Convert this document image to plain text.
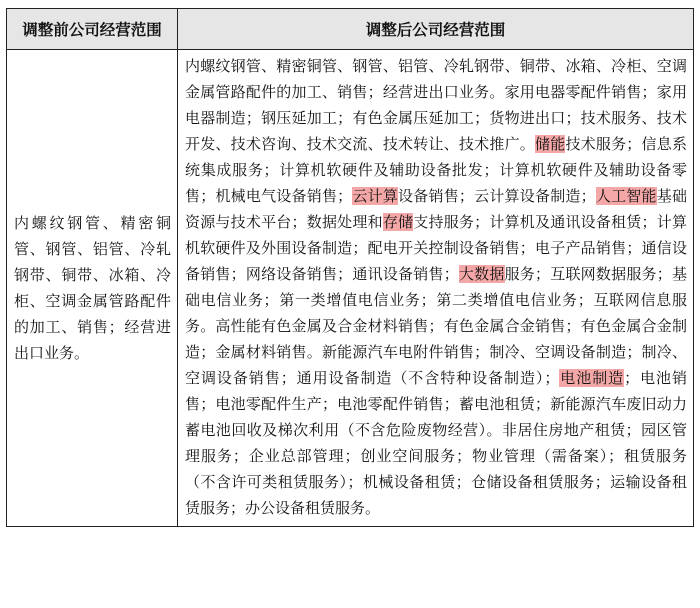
调整前公司经营范围	调整后公司经营范围
内螺纹钢管、精密铜管、钢管、铝管、冷轧钢带、铜带、冰箱、冷柜、空调金属管路配件的加工、销售；经营进出口业务。	内螺纹钢管、精密铜管、钢管、铝管、冷轧钢带、铜带、冰箱、冷柜、空调金属管路配件的加工、销售；经营进出口业务。家用电器零配件销售；家用电器制造；钢压延加工；有色金属压延加工；货物进出口；技术服务、技术开发、技术咨询、技术交流、技术转让、技术推广。储能技术服务；信息系统集成服务；计算机软硬件及辅助设备批发；计算机软硬件及辅助设备零售；机械电气设备销售；云计算设备销售；云计算设备制造；人工智能基础资源与技术平台；数据处理和存储支持服务；计算机及通讯设备租赁；计算机软硬件及外围设备制造；配电开关控制设备销售；电子产品销售；通信设备销售；网络设备销售；通讯设备销售；大数据服务；互联网数据服务；基础电信业务；第一类增值电信业务；第二类增值电信业务；互联网信息服务。高性能有色金属及合金材料销售；有色金属合金销售；有色金属合金制造；金属材料销售。新能源汽车电附件销售；制冷、空调设备制造；制冷、空调设备销售；通用设备制造（不含特种设备制造）；电池制造；电池销售；电池零配件生产；电池零配件销售；蓄电池租赁；新能源汽车废旧动力蓄电池回收及梯次利用（不含危险废物经营）。非居住房地产租赁；园区管理服务；企业总部管理；创业空间服务；物业管理（需备案）；租赁服务（不含许可类租赁服务）；机械设备租赁；仓储设备租赁服务；运输设备租赁服务；办公设备租赁服务。
